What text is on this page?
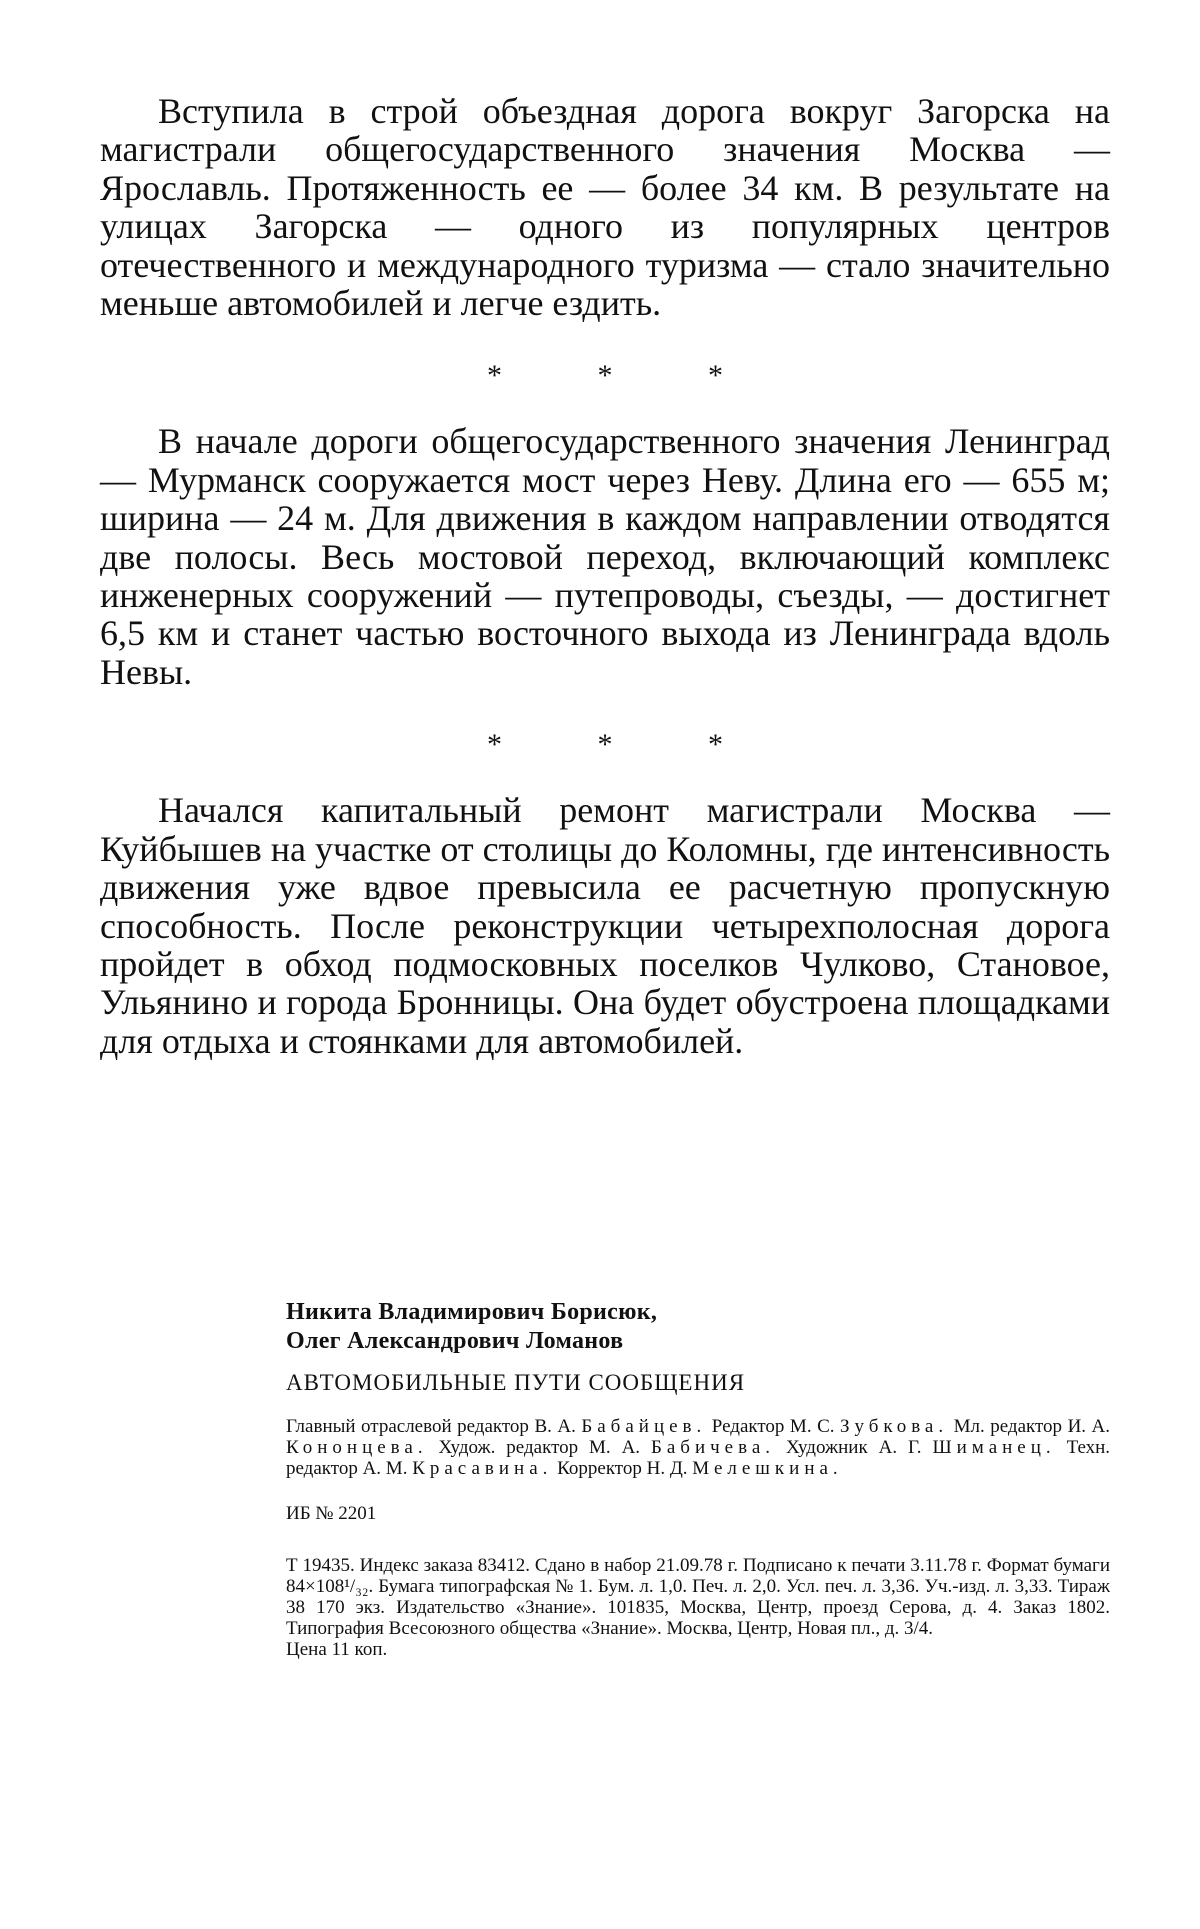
Вступила в строй объездная дорога вокруг Загорска на магистрали общегосударственного значения Москва — Ярославль. Протяженность ее — более 34 км. В результате на улицах Загорска — одного из популярных центров отечественного и международного туризма — стало значительно меньше автомобилей и легче ездить.

* * *

В начале дороги общегосударственного значения Ленинград — Мурманск сооружается мост через Неву. Длина его — 655 м; ширина — 24 м. Для движения в каждом направлении отводятся две полосы. Весь мостовой переход, включающий комплекс инженерных сооружений — путепроводы, съезды, — достигнет 6,5 км и станет частью восточного выхода из Ленинграда вдоль Невы.

* * *

Начался капитальный ремонт магистрали Москва — Куйбышев на участке от столицы до Коломны, где интенсивность движения уже вдвое превысила ее расчетную пропускную способность. После реконструкции четырехполосная дорога пройдет в обход подмосковных поселков Чулково, Становое, Ульянино и города Бронницы. Она будет обустроена площадками для отдыха и стоянками для автомобилей.

Никита Владимирович Борисюк,

Олег Александрович Ломанов

АВТОМОБИЛЬНЫЕ ПУТИ СООБЩЕНИЯ

Главный отраслевой редактор В. А. Бабайцев. Редактор М. С. Зубкова. Мл. редактор И. А. Конoнцева. Худож. редактор М. А. Бабичева. Художник А. Г. Шиманец. Техн. редактор А. М. Красавина. Корректор Н. Д. Мелешкина.

ИБ № 2201

Т 19435. Индекс заказа 83412. Сдано в набор 21.09.78 г. Подписано к печати 3.11.78 г. Формат бумаги 84×108¹/₃₂. Бумага типографская № 1. Бум. л. 1,0. Печ. л. 2,0. Усл. печ. л. 3,36. Уч.-изд. л. 3,33. Тираж 38 170 экз. Издательство «Знание». 101835, Москва, Центр, проезд Серова, д. 4. Заказ 1802. Типография Всесоюзного общества «Знание». Москва, Центр, Новая пл., д. 3/4.

Цена 11 коп.
